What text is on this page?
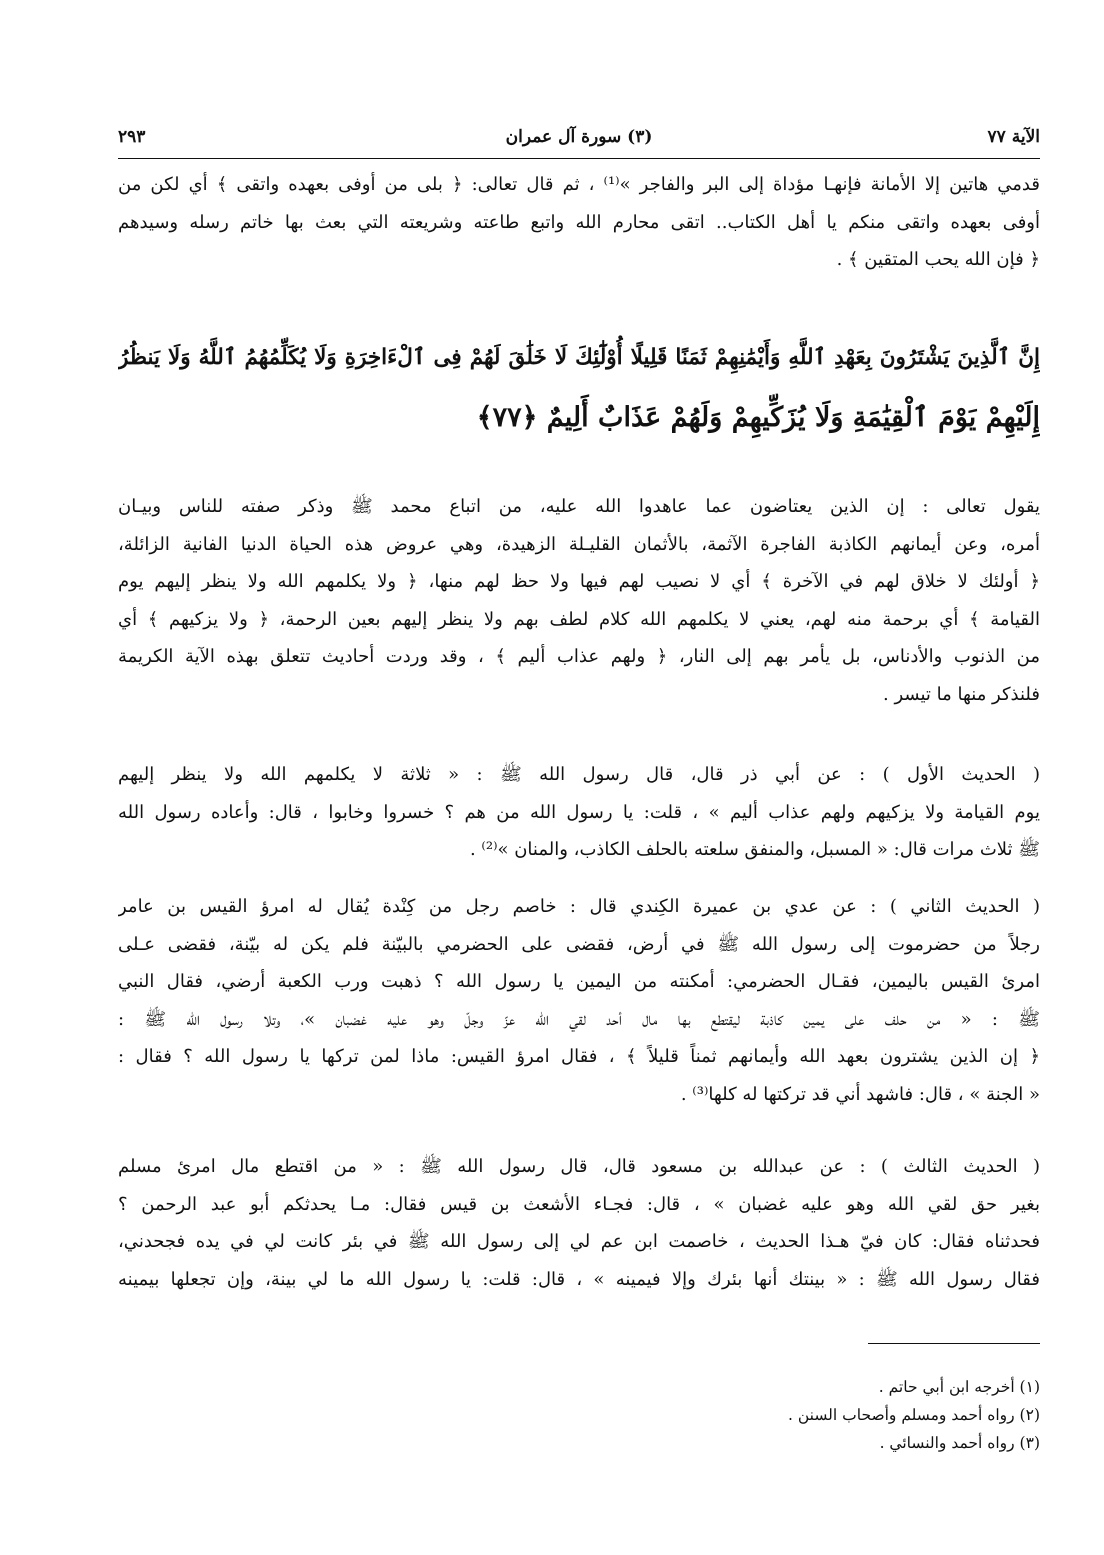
الآية ٧٧
(٣) سورة آل عمران
٢٩٣
قدمي هاتين إلا الأمانة فإنهـا مؤداة إلى البر والفاجر »⁽¹⁾ ، ثم قال تعالى: ﴿ بلى من أوفى بعهده واتقى ﴾ أي لكن من
أوفى بعهده واتقى منكم يا أهل الكتاب.. اتقى محارم الله واتبع طاعته وشريعته التي بعث بها خاتم رسله وسيدهم
﴿ فإن الله يحب المتقين ﴾ .
إِنَّ ٱلَّذِينَ يَشْتَرُونَ بِعَهْدِ ٱللَّهِ وَأَيْمَٰنِهِمْ ثَمَنًا قَلِيلًا أُوْلَٰٓئِكَ لَا خَلَٰقَ لَهُمْ فِى ٱلْءَاخِرَةِ وَلَا يُكَلِّمُهُمُ ٱللَّهُ وَلَا يَنظُرُ
إِلَيْهِمْ يَوْمَ ٱلْقِيَٰمَةِ وَلَا يُزَكِّيهِمْ وَلَهُمْ عَذَابٌ أَلِيمٌ ﴿٧٧﴾
يقول تعالى : إن الذين يعتاضون عما عاهدوا الله عليه، من اتباع محمد ﷺ وذكر صفته للناس وبيـان
أمره، وعن أيمانهم الكاذبة الفاجرة الآثمة، بالأثمان القليـلة الزهيدة، وهي عروض هذه الحياة الدنيا الفانية الزائلة،
﴿ أولئك لا خلاق لهم في الآخرة ﴾ أي لا نصيب لهم فيها ولا حظ لهم منها، ﴿ ولا يكلمهم الله ولا ينظر إليهم يوم
القيامة ﴾ أي برحمة منه لهم، يعني لا يكلمهم الله كلام لطف بهم ولا ينظر إليهم بعين الرحمة، ﴿ ولا يزكيهم ﴾ أي
من الذنوب والأدناس، بل يأمر بهم إلى النار، ﴿ ولهم عذاب أليم ﴾ ، وقد وردت أحاديث تتعلق بهذه الآية الكريمة
فلنذكر منها ما تيسر .
( الحديث الأول ) : عن أبي ذر قال، قال رسول الله ﷺ : « ثلاثة لا يكلمهم الله ولا ينظر إليهم
يوم القيامة ولا يزكيهم ولهم عذاب أليم » ، قلت: يا رسول الله من هم ؟ خسروا وخابوا ، قال: وأعاده رسول الله
ﷺ ثلاث مرات قال: « المسبل، والمنفق سلعته بالحلف الكاذب، والمنان »⁽²⁾ .
( الحديث الثاني ) : عن عدي بن عميرة الكِندي قال : خاصم رجل من كِنْدة يُقال له امرؤ القيس بن عامر
رجلاً من حضرموت إلى رسول الله ﷺ في أرض، فقضى على الحضرمي بالبيّنة فلم يكن له بيّنة، فقضى عـلى
امرئ القيس باليمين، فقـال الحضرمي: أمكنته من اليمين يا رسول الله ؟ ذهبت ورب الكعبة أرضي، فقال النبي
ﷺ : « من حلف على يمين كاذبة ليقتطع بها مال أحد لقي الله عزّ وجلّ وهو عليه غضبان »، وتلا رسول الله ﷺ :
﴿ إن الذين يشترون بعهد الله وأيمانهم ثمناً قليلاً ﴾ ، فقال امرؤ القيس: ماذا لمن تركها يا رسول الله ؟ فقال :
« الجنة » ، قال: فاشهد أني قد تركتها له كلها⁽³⁾ .
( الحديث الثالث ) : عن عبدالله بن مسعود قال، قال رسول الله ﷺ : « من اقتطع مال امرئ مسلم
بغير حق لقي الله وهو عليه غضبان » ، قال: فجـاء الأشعث بن قيس فقال: مـا يحدثكم أبو عبد الرحمن ؟
فحدثناه فقال: كان فيّ هـذا الحديث ، خاصمت ابن عم لي إلى رسول الله ﷺ في بئر كانت لي في يده فجحدني،
فقال رسول الله ﷺ : « بينتك أنها بئرك وإلا فيمينه » ، قال: قلت: يا رسول الله ما لي بينة، وإن تجعلها بيمينه
(١) أخرجه ابن أبي حاتم .
(٢) رواه أحمد ومسلم وأصحاب السنن .
(٣) رواه أحمد والنسائي .
